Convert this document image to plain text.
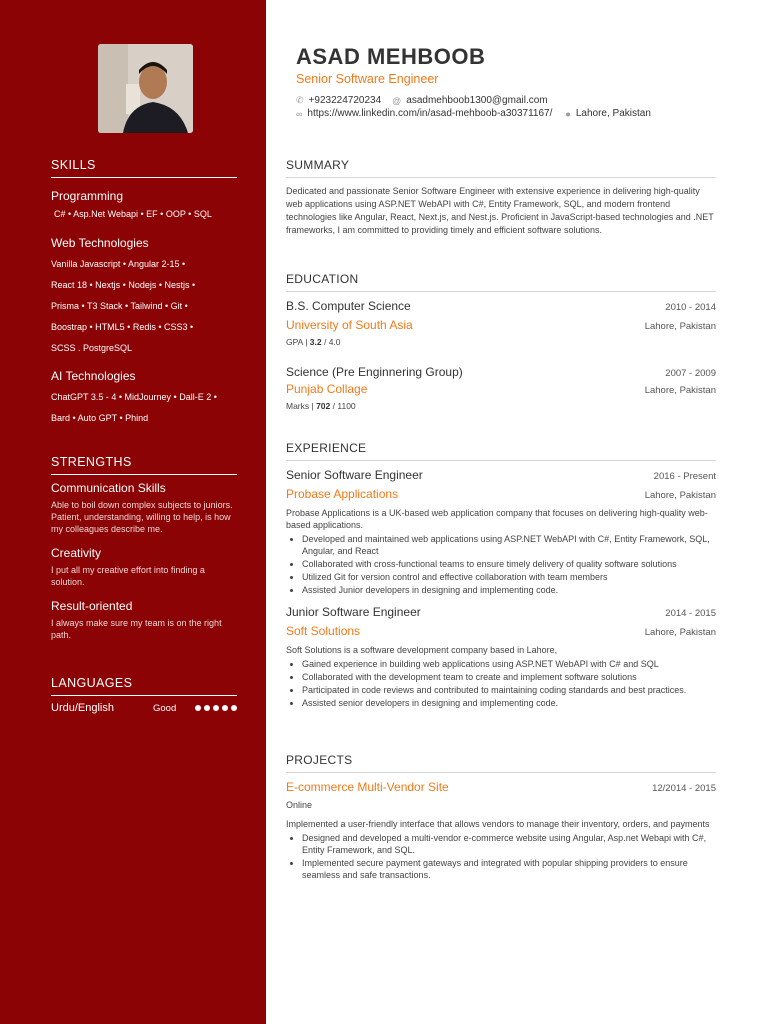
SKILLS
Programming
C# • Asp.Net Webapi • EF • OOP • SQL
Web Technologies
Vanilla Javascript • Angular 2-15 •
React 18 • Nextjs • Nodejs • Nestjs •
Prisma • T3 Stack • Tailwind • Git •
Boostrap • HTML5 • Redis • CSS3 •
SCSS . PostgreSQL
AI Technologies
ChatGPT 3.5 - 4 • MidJourney • Dall-E 2 •
Bard • Auto GPT • Phind
STRENGTHS
Communication Skills
Able to boil down complex subjects to juniors. Patient, understanding, willing to help, is how my colleagues describe me.
Creativity
I put all my creative effort into finding a solution.
Result-oriented
I always make sure my team is on the right path.
LANGUAGES
Urdu/English	Good
ASAD MEHBOOB
Senior Software Engineer
✆ +923224720234 @ asadmehboob1300@gmail.com
∞ https://www.linkedin.com/in/asad-mehboob-a30371167/ ● Lahore, Pakistan
SUMMARY
Dedicated and passionate Senior Software Engineer with extensive experience in delivering high-quality web applications using ASP.NET WebAPI with C#, Entity Framework, SQL, and modern frontend technologies like Angular, React, Next.js, and Nest.js. Proficient in JavaScript-based technologies and .NET frameworks, I am committed to providing timely and efficient software solutions.
EDUCATION
B.S. Computer Science	2010 - 2014
University of South Asia	Lahore, Pakistan
GPA | 3.2 / 4.0
Science (Pre Enginnering Group)	2007 - 2009
Punjab Collage	Lahore, Pakistan
Marks | 702 / 1100
EXPERIENCE
Senior Software Engineer	2016 - Present
Probase Applications	Lahore, Pakistan
Probase Applications is a UK-based web application company that focuses on delivering high-quality web-based applications.
• Developed and maintained web applications using ASP.NET WebAPI with C#, Entity Framework, SQL, Angular, and React
• Collaborated with cross-functional teams to ensure timely delivery of quality software solutions
• Utilized Git for version control and effective collaboration with team members
• Assisted Junior developers in designing and implementing code.
Junior Software Engineer	2014 - 2015
Soft Solutions	Lahore, Pakistan
Soft Solutions is a software development company based in Lahore,
• Gained experience in building web applications using ASP.NET WebAPI with C# and SQL
• Collaborated with the development team to create and implement software solutions
• Participated in code reviews and contributed to maintaining coding standards and best practices.
• Assisted senior developers in designing and implementing code.
PROJECTS
E-commerce Multi-Vendor Site	12/2014 - 2015
Online
Implemented a user-friendly interface that allows vendors to manage their inventory, orders, and payments
• Designed and developed a multi-vendor e-commerce website using Angular, Asp.net Webapi with C#, Entity Framework, and SQL.
• Implemented secure payment gateways and integrated with popular shipping providers to ensure seamless and safe transactions.
